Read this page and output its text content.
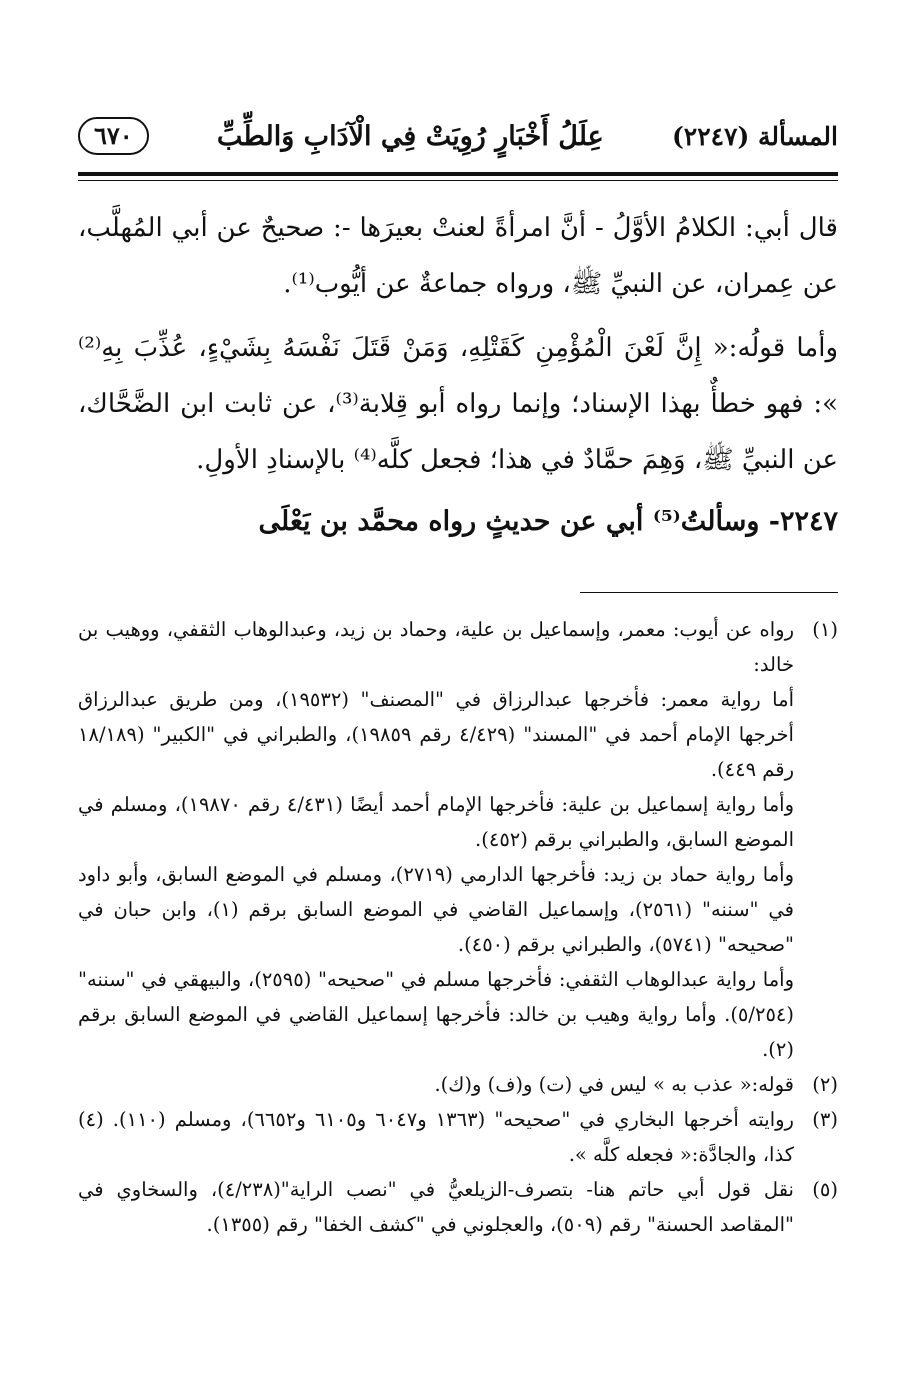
المسألة (٢٢٤٧)
عِلَلُ أَخْبَارٍ رُوِيَتْ فِي الْآدَابِ وَالطِّبِّ
٦٧٠

قال أبي: الكلامُ الأوَّلُ - أنَّ امرأةً لعنتْ بعيرَها -: صحيحٌ عن أبي المُهلَّب، عن عِمران، عن النبيِّ ﷺ، ورواه جماعةٌ عن أيُّوب⁽¹⁾.

وأما قولُه:« إِنَّ لَعْنَ الْمُؤْمِنِ كَقَتْلِهِ، وَمَنْ قَتَلَ نَفْسَهُ بِشَيْءٍ، عُذِّبَ بِهِ⁽²⁾ »: فهو خطأٌ بهذا الإسناد؛ وإنما رواه أبو قِلابة⁽³⁾، عن ثابت ابن الضَّحَّاك، عن النبيِّ ﷺ، وَهِمَ حمَّادٌ في هذا؛ فجعل كلَّه⁽⁴⁾ بالإسنادِ الأولِ.

٢٢٤٧- وسألتُ⁽⁵⁾ أبي عن حديثٍ رواه محمَّد بن يَعْلَى

(١)

رواه عن أيوب: معمر، وإسماعيل بن علية، وحماد بن زيد، وعبدالوهاب الثقفي، ووهيب بن خالد:

أما رواية معمر: فأخرجها عبدالرزاق في "المصنف" (١٩٥٣٢)، ومن طريق عبدالرزاق أخرجها الإمام أحمد في "المسند" (٤/٤٢٩ رقم ١٩٨٥٩)، والطبراني في "الكبير" (١٨/١٨٩ رقم ٤٤٩).

وأما رواية إسماعيل بن علية: فأخرجها الإمام أحمد أيضًا (٤/٤٣١ رقم ١٩٨٧٠)، ومسلم في الموضع السابق، والطبراني برقم (٤٥٢).

وأما رواية حماد بن زيد: فأخرجها الدارمي (٢٧١٩)، ومسلم في الموضع السابق، وأبو داود في "سننه" (٢٥٦١)، وإسماعيل القاضي في الموضع السابق برقم (١)، وابن حبان في "صحيحه" (٥٧٤١)، والطبراني برقم (٤٥٠).

وأما رواية عبدالوهاب الثقفي: فأخرجها مسلم في "صحيحه" (٢٥٩٥)، والبيهقي في "سننه" (٥/٢٥٤). وأما رواية وهيب بن خالد: فأخرجها إسماعيل القاضي في الموضع السابق برقم (٢).

(٢)

قوله:« عذب به » ليس في (ت) و(ف) و(ك).

(٣)

روايته أخرجها البخاري في "صحيحه" (١٣٦٣ و٦٠٤٧ و٦١٠٥ و٦٦٥٢)، ومسلم (١١٠). (٤) كذا، والجادَّة:« فجعله كلَّه ».

(٥)

نقل قول أبي حاتم هنا- بتصرف-الزيلعيُّ في "نصب الراية"(٤/٢٣٨)، والسخاوي في "المقاصد الحسنة" رقم (٥٠٩)، والعجلوني في "كشف الخفا" رقم (١٣٥٥).
